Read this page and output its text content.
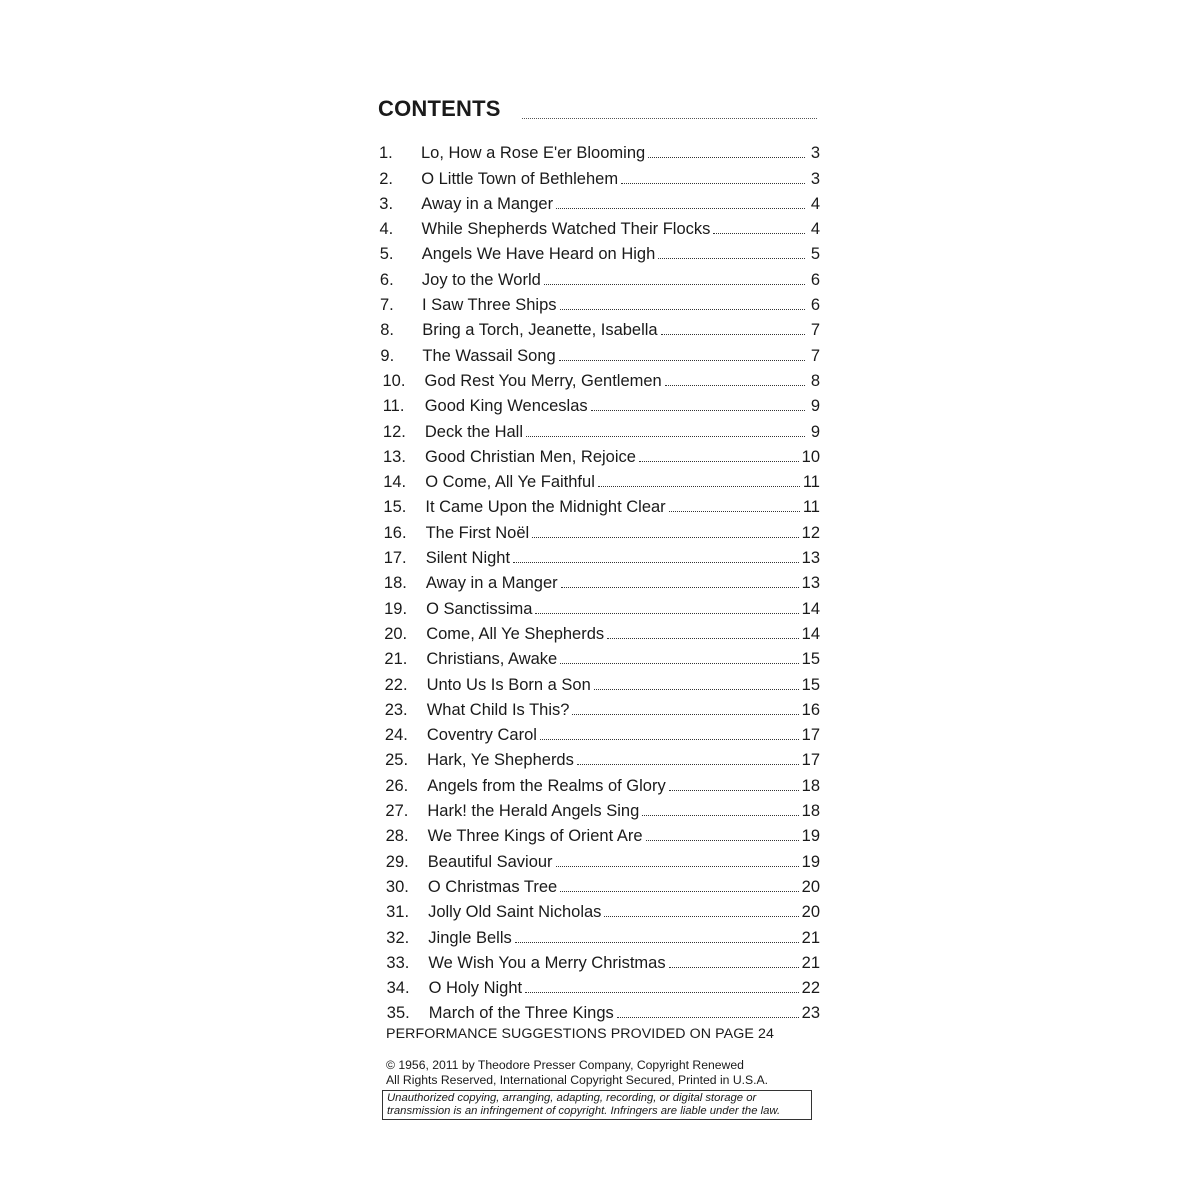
CONTENTS
1.	Lo, How a Rose E'er Blooming	3
2.	O Little Town of Bethlehem	3
3.	Away in a Manger	4
4.	While Shepherds Watched Their Flocks	4
5.	Angels We Have Heard on High	5
6.	Joy to the World	6
7.	I Saw Three Ships	6
8.	Bring a Torch, Jeanette, Isabella	7
9.	The Wassail Song	7
10.	God Rest You Merry, Gentlemen	8
11.	Good King Wenceslas	9
12.	Deck the Hall	9
13.	Good Christian Men, Rejoice	10
14.	O Come, All Ye Faithful	11
15.	It Came Upon the Midnight Clear	11
16.	The First Noël	12
17.	Silent Night	13
18.	Away in a Manger	13
19.	O Sanctissima	14
20.	Come, All Ye Shepherds	14
21.	Christians, Awake	15
22.	Unto Us Is Born a Son	15
23.	What Child Is This?	16
24.	Coventry Carol	17
25.	Hark, Ye Shepherds	17
26.	Angels from the Realms of Glory	18
27.	Hark! the Herald Angels Sing	18
28.	We Three Kings of Orient Are	19
29.	Beautiful Saviour	19
30.	O Christmas Tree	20
31.	Jolly Old Saint Nicholas	20
32.	Jingle Bells	21
33.	We Wish You a Merry Christmas	21
34.	O Holy Night	22
35.	March of the Three Kings	23
PERFORMANCE SUGGESTIONS PROVIDED ON PAGE 24
© 1956, 2011 by Theodore Presser Company, Copyright Renewed
All Rights Reserved, International Copyright Secured, Printed in U.S.A.
Unauthorized copying, arranging, adapting, recording, or digital storage or
transmission is an infringement of copyright. Infringers are liable under the law.
